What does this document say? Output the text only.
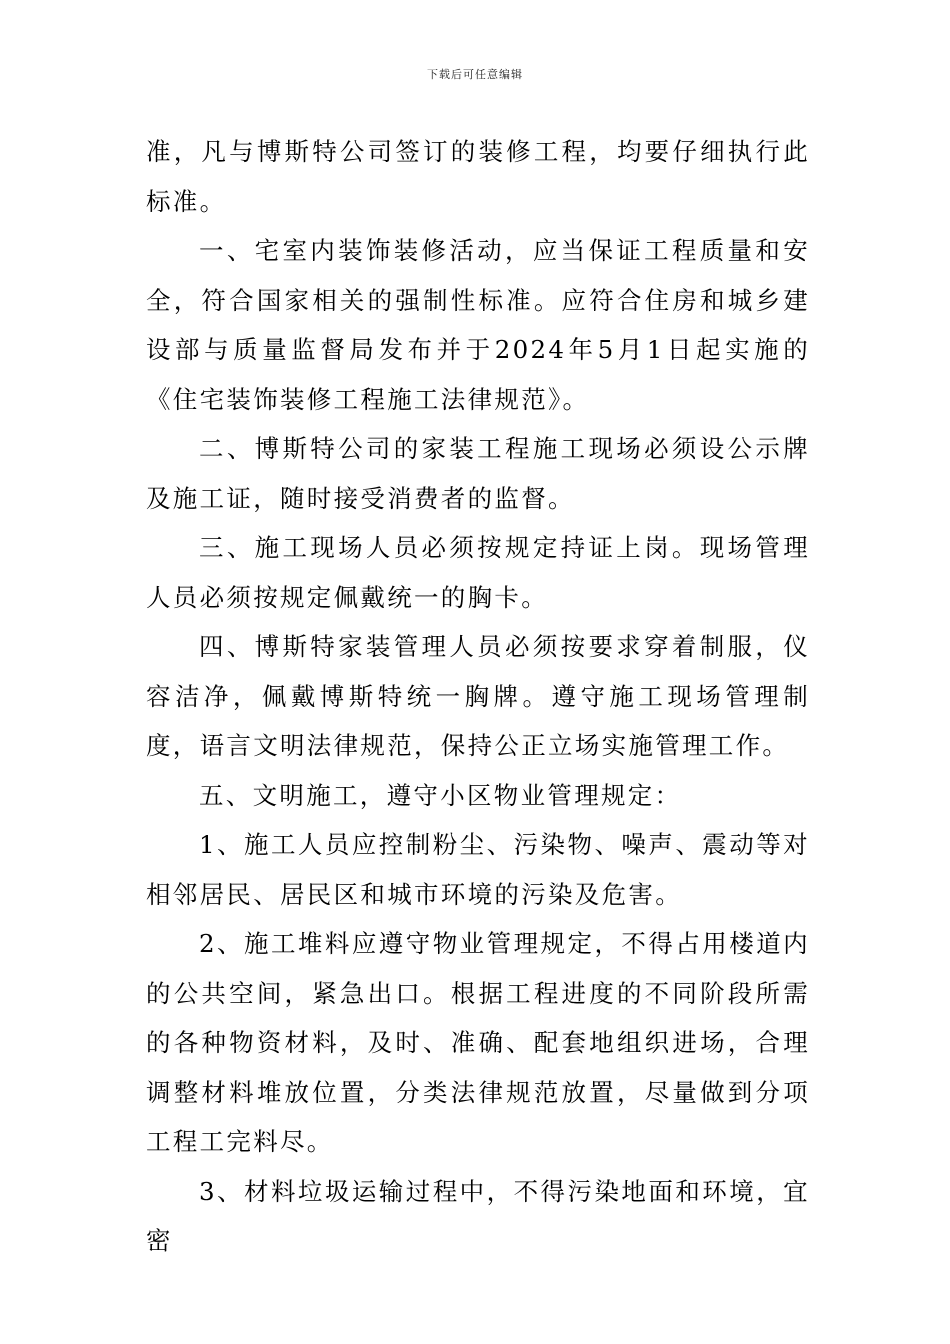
下载后可任意编辑

准，凡与博斯特公司签订的装修工程，均要仔细执行此标准。

一、宅室内装饰装修活动，应当保证工程质量和安全，符合国家相关的强制性标准。应符合住房和城乡建设部与质量监督局发布并于2024年5月1日起实施的《住宅装饰装修工程施工法律规范》。

二、博斯特公司的家装工程施工现场必须设公示牌及施工证，随时接受消费者的监督。

三、施工现场人员必须按规定持证上岗。现场管理人员必须按规定佩戴统一的胸卡。

四、博斯特家装管理人员必须按要求穿着制服，仪容洁净，佩戴博斯特统一胸牌。遵守施工现场管理制度，语言文明法律规范，保持公正立场实施管理工作。

五、文明施工，遵守小区物业管理规定：

1、施工人员应控制粉尘、污染物、噪声、震动等对相邻居民、居民区和城市环境的污染及危害。

2、施工堆料应遵守物业管理规定，不得占用楼道内的公共空间，紧急出口。根据工程进度的不同阶段所需的各种物资材料，及时、准确、配套地组织进场，合理调整材料堆放位置，分类法律规范放置，尽量做到分项工程工完料尽。

3、材料垃圾运输过程中，不得污染地面和环境，宜密
